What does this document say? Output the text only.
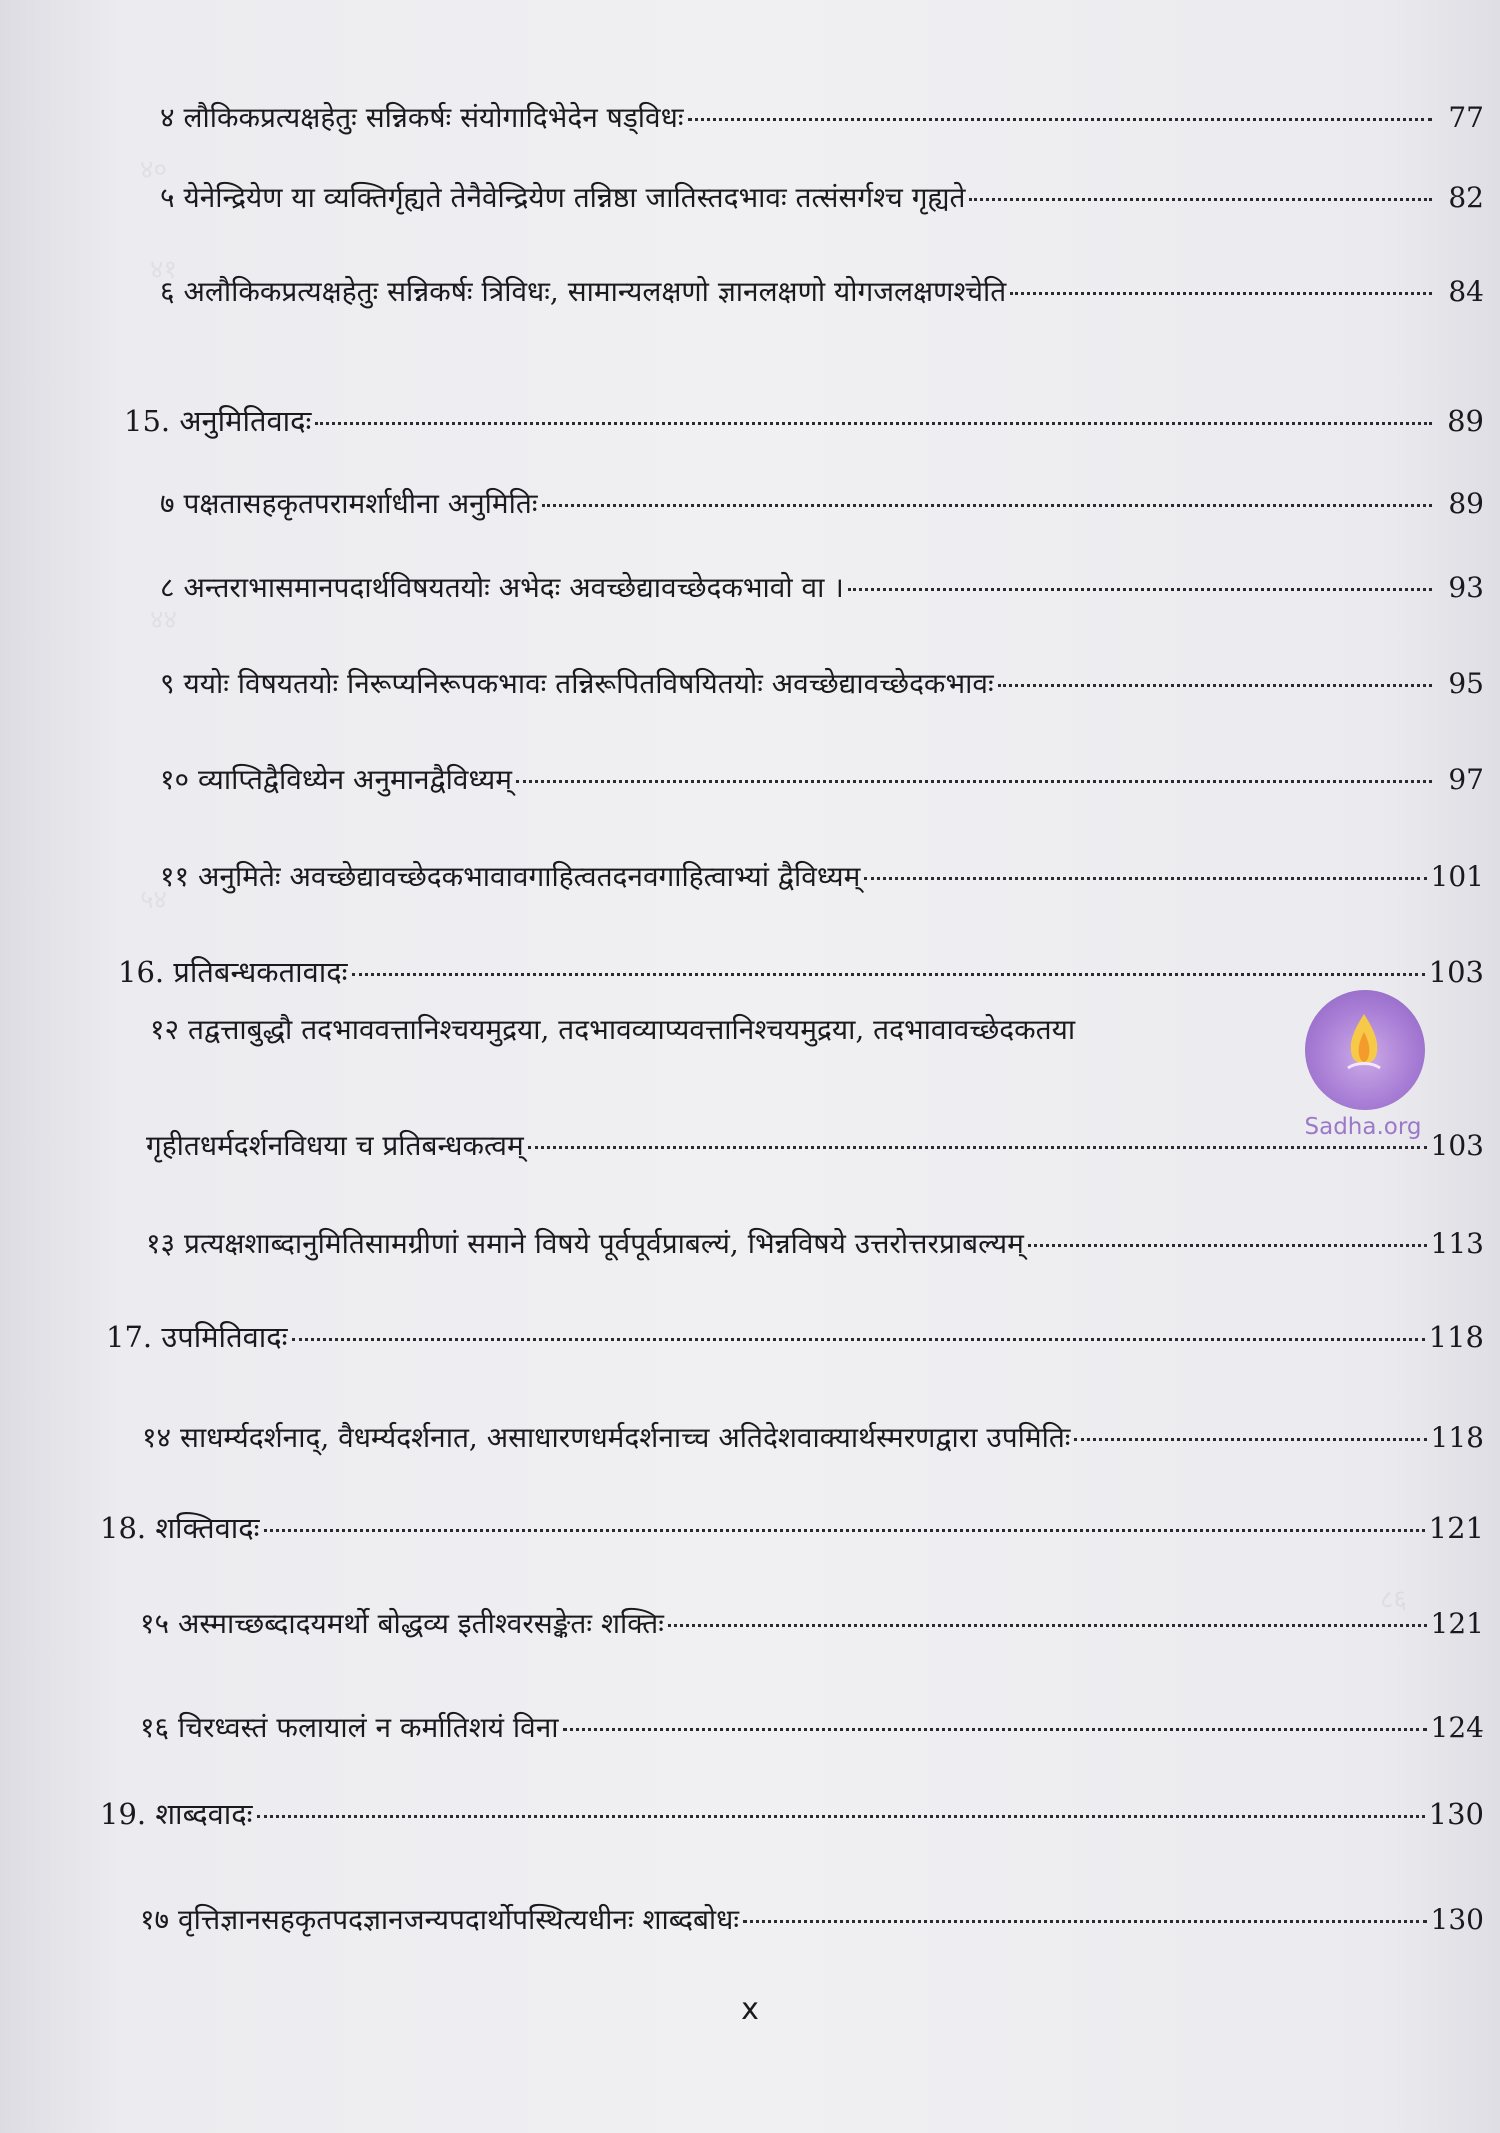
४०
४१
४४
५४
८६
४ लौकिकप्रत्यक्षहेतुः सन्निकर्षः संयोगादिभेदेन षड्विधः	77
५ येनेन्द्रियेण या व्यक्तिर्गृह्यते तेनैवेन्द्रियेण तन्निष्ठा जातिस्तदभावः तत्संसर्गश्च गृह्यते	82
६ अलौकिकप्रत्यक्षहेतुः सन्निकर्षः त्रिविधः, सामान्यलक्षणो ज्ञानलक्षणो योगजलक्षणश्चेति	84
15. अनुमितिवादः	89
७ पक्षतासहकृतपरामर्शाधीना अनुमितिः	89
८ अन्तराभासमानपदार्थविषयतयोः अभेदः अवच्छेद्यावच्छेदकभावो वा ।	93
९ ययोः विषयतयोः निरूप्यनिरूपकभावः तन्निरूपितविषयितयोः अवच्छेद्यावच्छेदकभावः	95
१० व्याप्तिद्वैविध्येन अनुमानद्वैविध्यम्	97
११ अनुमितेः अवच्छेद्यावच्छेदकभावावगाहित्वतदनवगाहित्वाभ्यां द्वैविध्यम्	101
16. प्रतिबन्धकतावादः	103
१२ तद्वत्ताबुद्धौ तदभाववत्तानिश्चयमुद्रया, तदभावव्याप्यवत्तानिश्चयमुद्रया, तदभावावच्छेदकतया
गृहीतधर्मदर्शनविधया च प्रतिबन्धकत्वम्	103
१३ प्रत्यक्षशाब्दानुमितिसामग्रीणां समाने विषये पूर्वपूर्वप्राबल्यं, भिन्नविषये उत्तरोत्तरप्राबल्यम्	113
17. उपमितिवादः	118
१४ साधर्म्यदर्शनाद्, वैधर्म्यदर्शनात, असाधारणधर्मदर्शनाच्च अतिदेशवाक्यार्थस्मरणद्वारा उपमितिः	118
18. शक्तिवादः	121
१५ अस्माच्छब्दादयमर्थो बोद्धव्य इतीश्वरसङ्केतः शक्तिः	121
१६ चिरध्वस्तं फलायालं न कर्मातिशयं विना	124
19. शाब्दवादः	130
१७ वृत्तिज्ञानसहकृतपदज्ञानजन्यपदार्थोपस्थित्यधीनः शाब्दबोधः	130
x
Sadha.org
